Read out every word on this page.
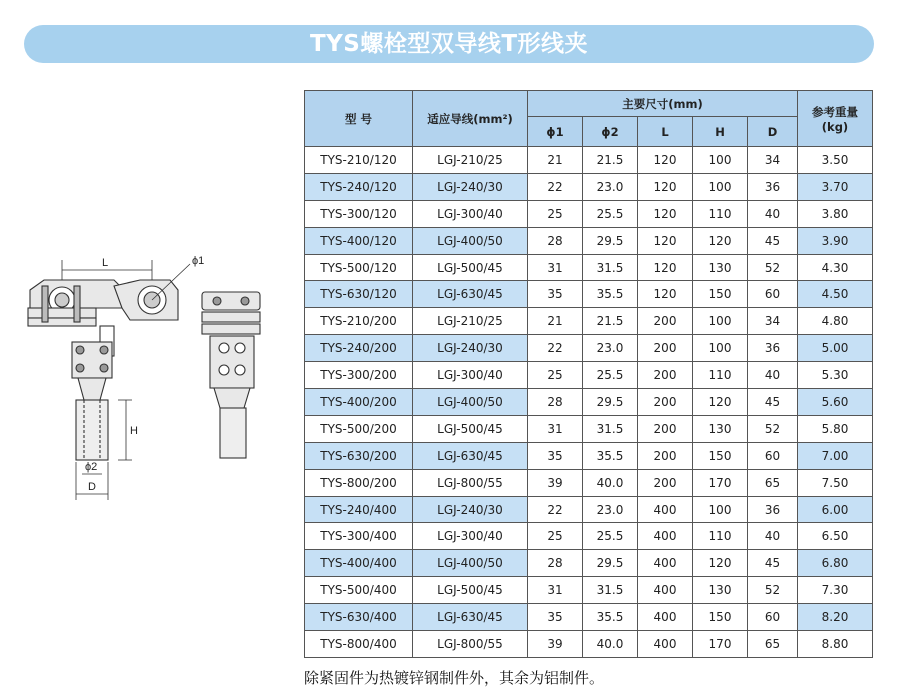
TYS螺栓型双导线T形线夹
L	ϕ1
H
ϕ2
D
型 号	适应导线(mm²)	主要尺寸(mm)					参考重量
(kg)

		ϕ1	ϕ2	L	H	D	
TYS-210/120	LGJ-210/25	21	21.5	120	100	34	3.50
TYS-240/120	LGJ-240/30	22	23.0	120	100	36	3.70
TYS-300/120	LGJ-300/40	25	25.5	120	110	40	3.80
TYS-400/120	LGJ-400/50	28	29.5	120	120	45	3.90
TYS-500/120	LGJ-500/45	31	31.5	120	130	52	4.30
TYS-630/120	LGJ-630/45	35	35.5	120	150	60	4.50
TYS-210/200	LGJ-210/25	21	21.5	200	100	34	4.80
TYS-240/200	LGJ-240/30	22	23.0	200	100	36	5.00
TYS-300/200	LGJ-300/40	25	25.5	200	110	40	5.30
TYS-400/200	LGJ-400/50	28	29.5	200	120	45	5.60
TYS-500/200	LGJ-500/45	31	31.5	200	130	52	5.80
TYS-630/200	LGJ-630/45	35	35.5	200	150	60	7.00
TYS-800/200	LGJ-800/55	39	40.0	200	170	65	7.50
TYS-240/400	LGJ-240/30	22	23.0	400	100	36	6.00
TYS-300/400	LGJ-300/40	25	25.5	400	110	40	6.50
TYS-400/400	LGJ-400/50	28	29.5	400	120	45	6.80
TYS-500/400	LGJ-500/45	31	31.5	400	130	52	7.30
TYS-630/400	LGJ-630/45	35	35.5	400	150	60	8.20
TYS-800/400	LGJ-800/55	39	40.0	400	170	65	8.80
除紧固件为热镀锌钢制件外，其余为铝制件。
